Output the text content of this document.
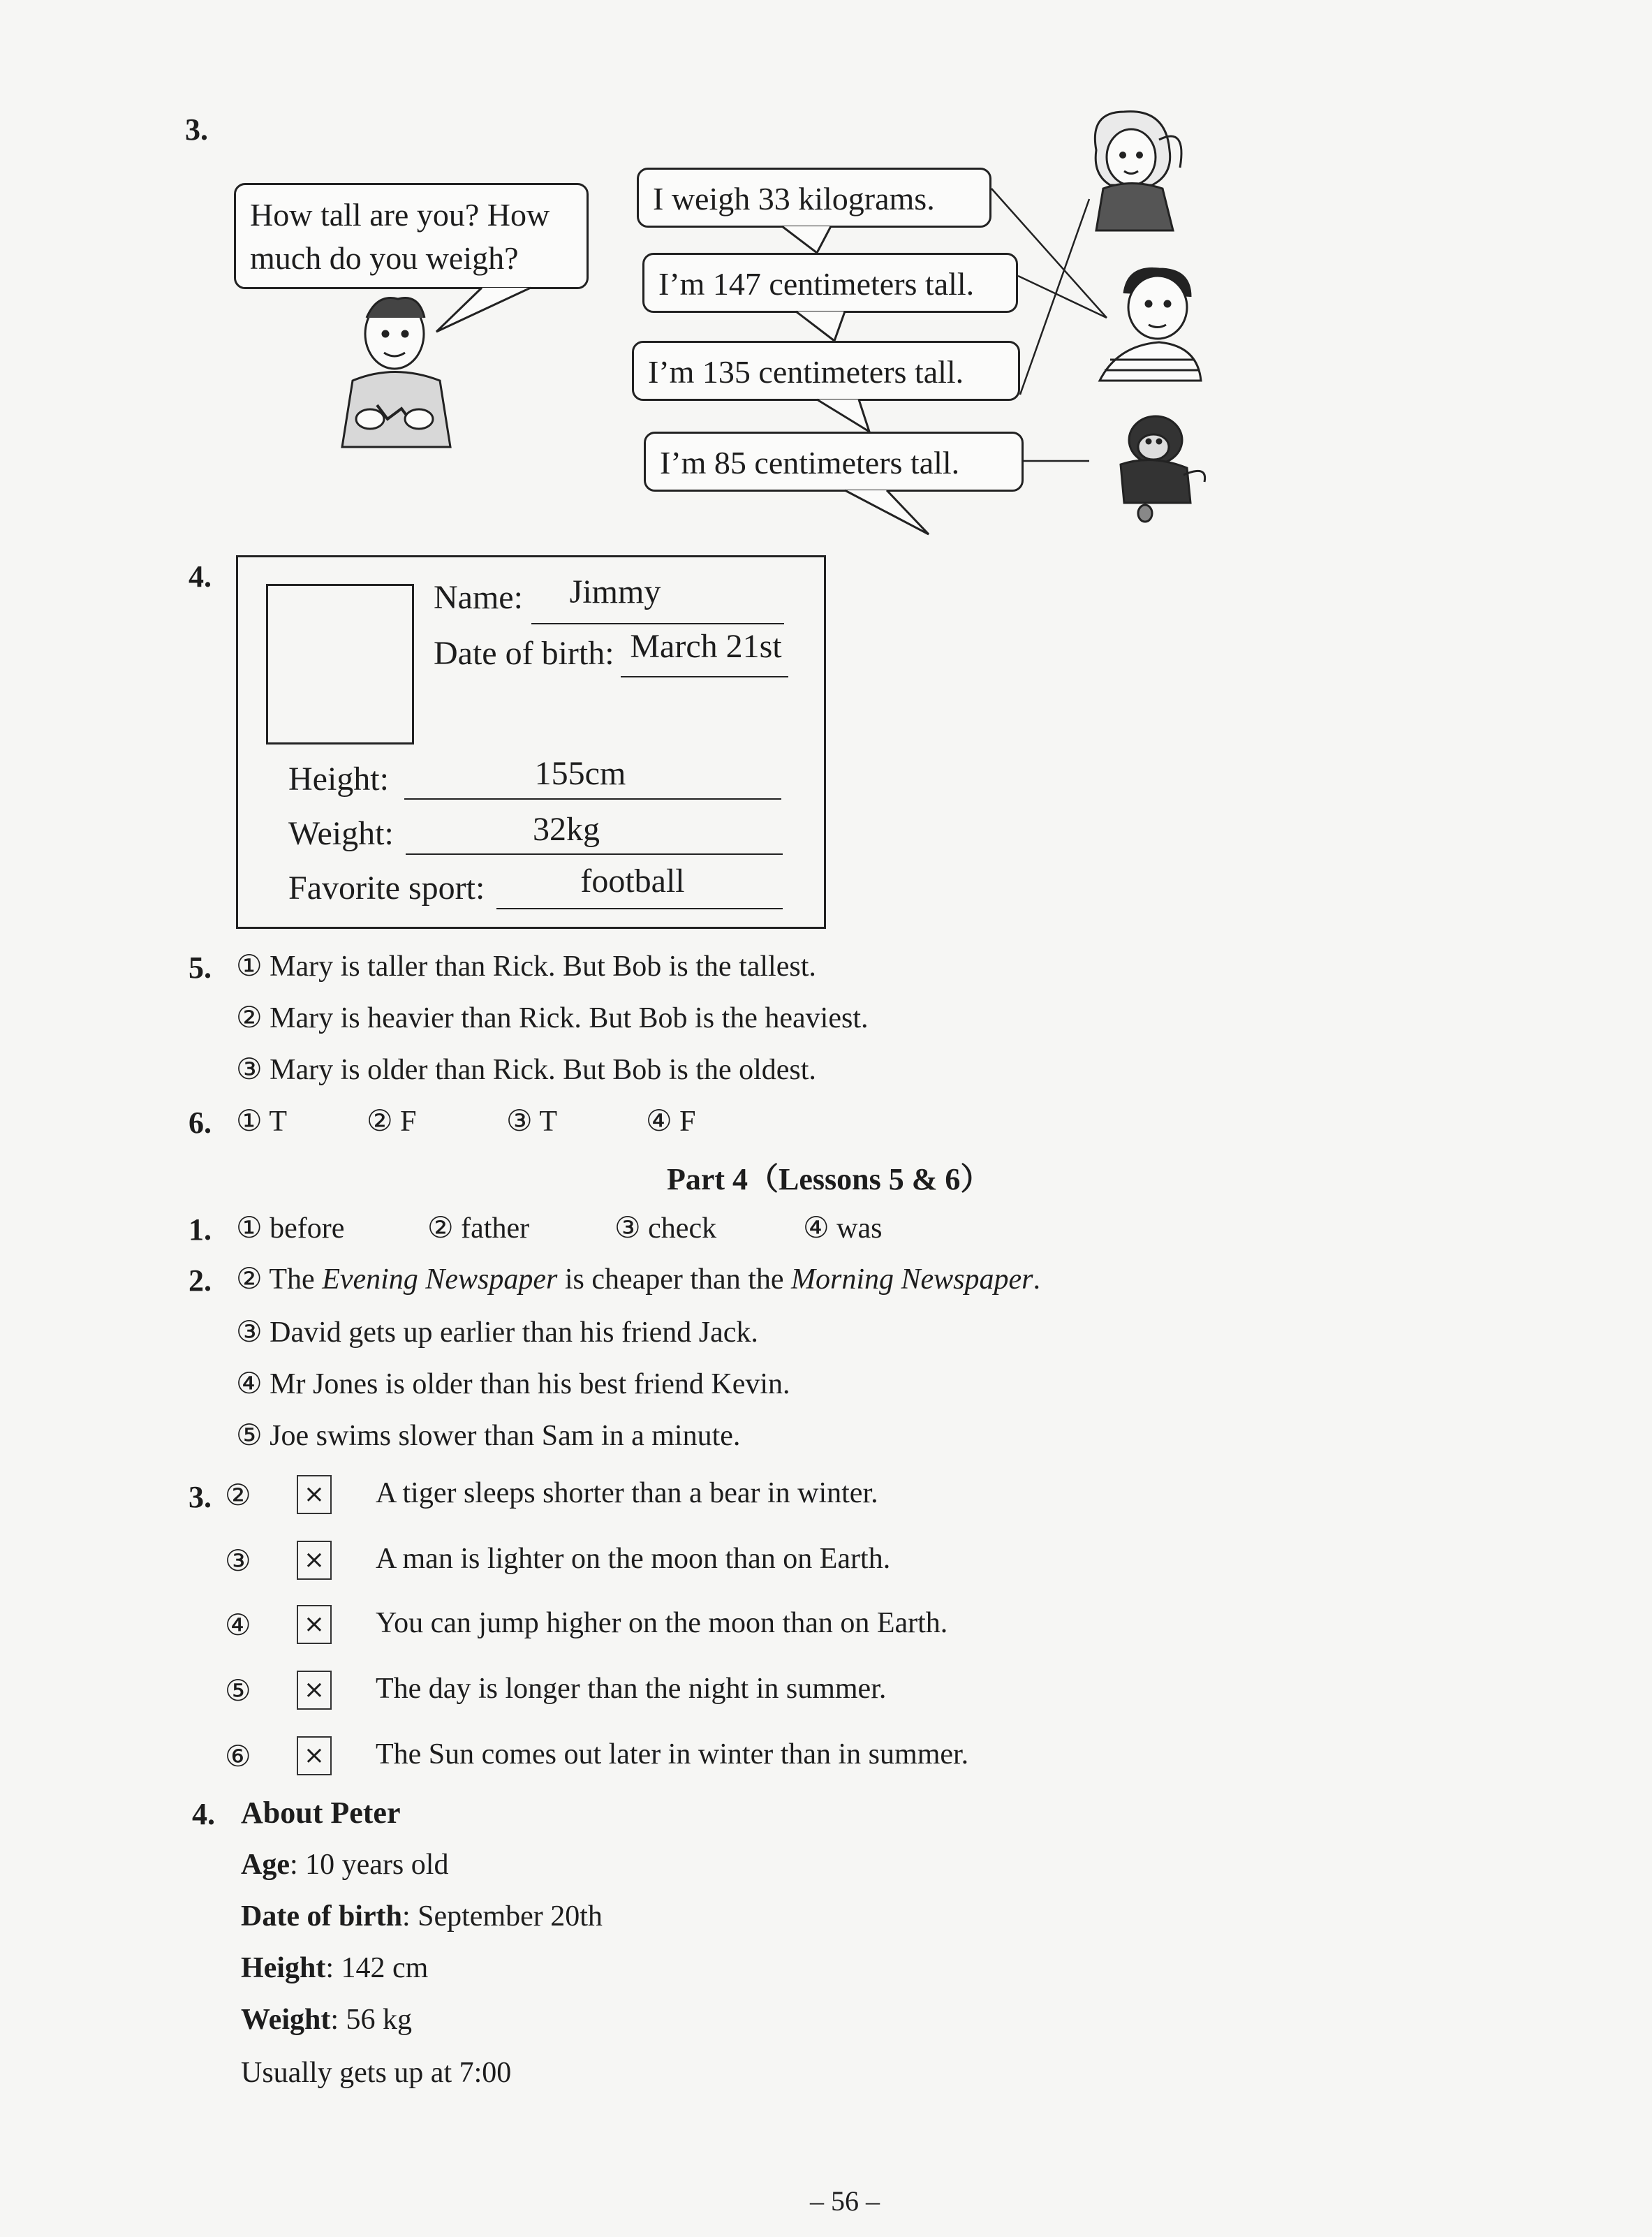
3.
How tall are you? How
much do you weigh?
I weigh 33 kilograms.
I’m 147 centimeters tall.
I’m 135 centimeters tall.
I’m 85 centimeters tall.
4.
Name:	Jimmy
Date of birth: March 21st
Height:	155cm
Weight:	32kg
Favorite sport:	football
5. ① Mary is taller than Rick. But Bob is the tallest.
② Mary is heavier than Rick. But Bob is the heaviest.
③ Mary is older than Rick. But Bob is the oldest.
6. ① T	② F	③ T	④ F
Part 4（Lessons 5 & 6）
1. ① before	② father	③ check	④ was
2. ② The Evening Newspaper is cheaper than the Morning Newspaper.
③ David gets up earlier than his friend Jack.
④ Mr Jones is older than his best friend Kevin.
⑤ Joe swims slower than Sam in a minute.
3. ② × A tiger sleeps shorter than a bear in winter.
③ × A man is lighter on the moon than on Earth.
④ × You can jump higher on the moon than on Earth.
⑤ × The day is longer than the night in summer.
⑥ × The Sun comes out later in winter than in summer.
4. About Peter
Age: 10 years old
Date of birth: September 20th
Height: 142 cm
Weight: 56 kg
Usually gets up at 7:00
– 56 –
